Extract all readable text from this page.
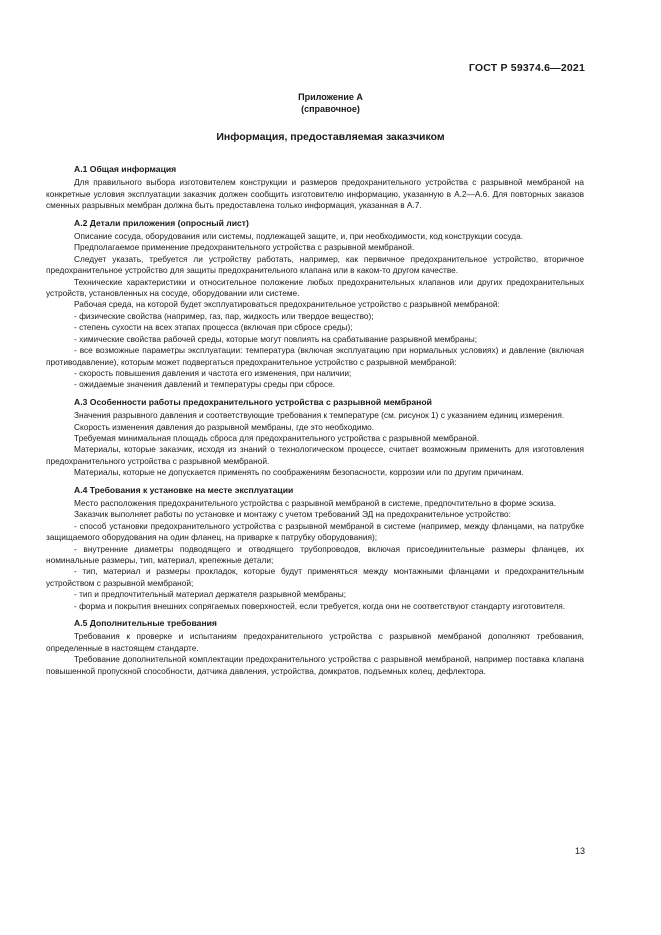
ГОСТ Р 59374.6—2021
Приложение А
(справочное)
Информация, предоставляемая заказчиком
А.1 Общая информация

Для правильного выбора изготовителем конструкции и размеров предохранительного устройства с разрывной мембраной на конкретные условия эксплуатации заказчик должен сообщить изготовителю информацию, указанную в А.2—А.6. Для повторных заказов сменных разрывных мембран должна быть предоставлена только информация, указанная в А.7.

А.2 Детали приложения (опросный лист)

Описание сосуда, оборудования или системы, подлежащей защите, и, при необходимости, код конструкции сосуда.

Предполагаемое применение предохранительного устройства с разрывной мембраной.

Следует указать, требуется ли устройству работать, например, как первичное предохранительное устройство, вторичное предохранительное устройство для защиты предохранительного клапана или в каком-то другом качестве.

Технические характеристики и относительное положение любых предохранительных клапанов или других предохранительных устройств, установленных на сосуде, оборудовании или системе.

Рабочая среда, на которой будет эксплуатироваться предохранительное устройство с разрывной мембраной:

- физические свойства (например, газ, пар, жидкость или твердое вещество);

- степень сухости на всех этапах процесса (включая при сбросе среды);

- химические свойства рабочей среды, которые могут повлиять на срабатывание разрывной мембраны;

- все возможные параметры эксплуатации: температура (включая эксплуатацию при нормальных условиях) и давление (включая противодавление), которым может подвергаться предохранительное устройство с разрывной мембраной:

- скорость повышения давления и частота его изменения, при наличии;

- ожидаемые значения давлений и температуры среды при сбросе.

А.3 Особенности работы предохранительного устройства с разрывной мембраной

Значения разрывного давления и соответствующие требования к температуре (см. рисунок 1) с указанием единиц измерения.

Скорость изменения давления до разрывной мембраны, где это необходимо.

Требуемая минимальная площадь сброса для предохранительного устройства с разрывной мембраной.

Материалы, которые заказчик, исходя из знаний о технологическом процессе, считает возможным применить для изготовления предохранительного устройства с разрывной мембраной.

Материалы, которые не допускается применять по соображениям безопасности, коррозии или по другим причинам.

А.4 Требования к установке на месте эксплуатации

Место расположения предохранительного устройства с разрывной мембраной в системе, предпочтительно в форме эскиза.

Заказчик выполняет работы по установке и монтажу с учетом требований ЭД на предохранительное устройство:

- способ установки предохранительного устройства с разрывной мембраной в системе (например, между фланцами, на патрубке защищаемого оборудования на один фланец, на приварке к патрубку оборудования);

- внутренние диаметры подводящего и отводящего трубопроводов, включая присоединительные размеры фланцев, их номинальные размеры, тип, материал, крепежные детали;

- тип, материал и размеры прокладок, которые будут применяться между монтажными фланцами и предохранительным устройством с разрывной мембраной;

- тип и предпочтительный материал держателя разрывной мембраны;

- форма и покрытия внешних сопрягаемых поверхностей, если требуется, когда они не соответствуют стандарту изготовителя.

А.5 Дополнительные требования

Требования к проверке и испытаниям предохранительного устройства с разрывной мембраной дополняют требования, определенные в настоящем стандарте.

Требование дополнительной комплектации предохранительного устройства с разрывной мембраной, например поставка клапана повышенной пропускной способности, датчика давления, устройства, домкратов, подъемных колец, дефлектора.

13
